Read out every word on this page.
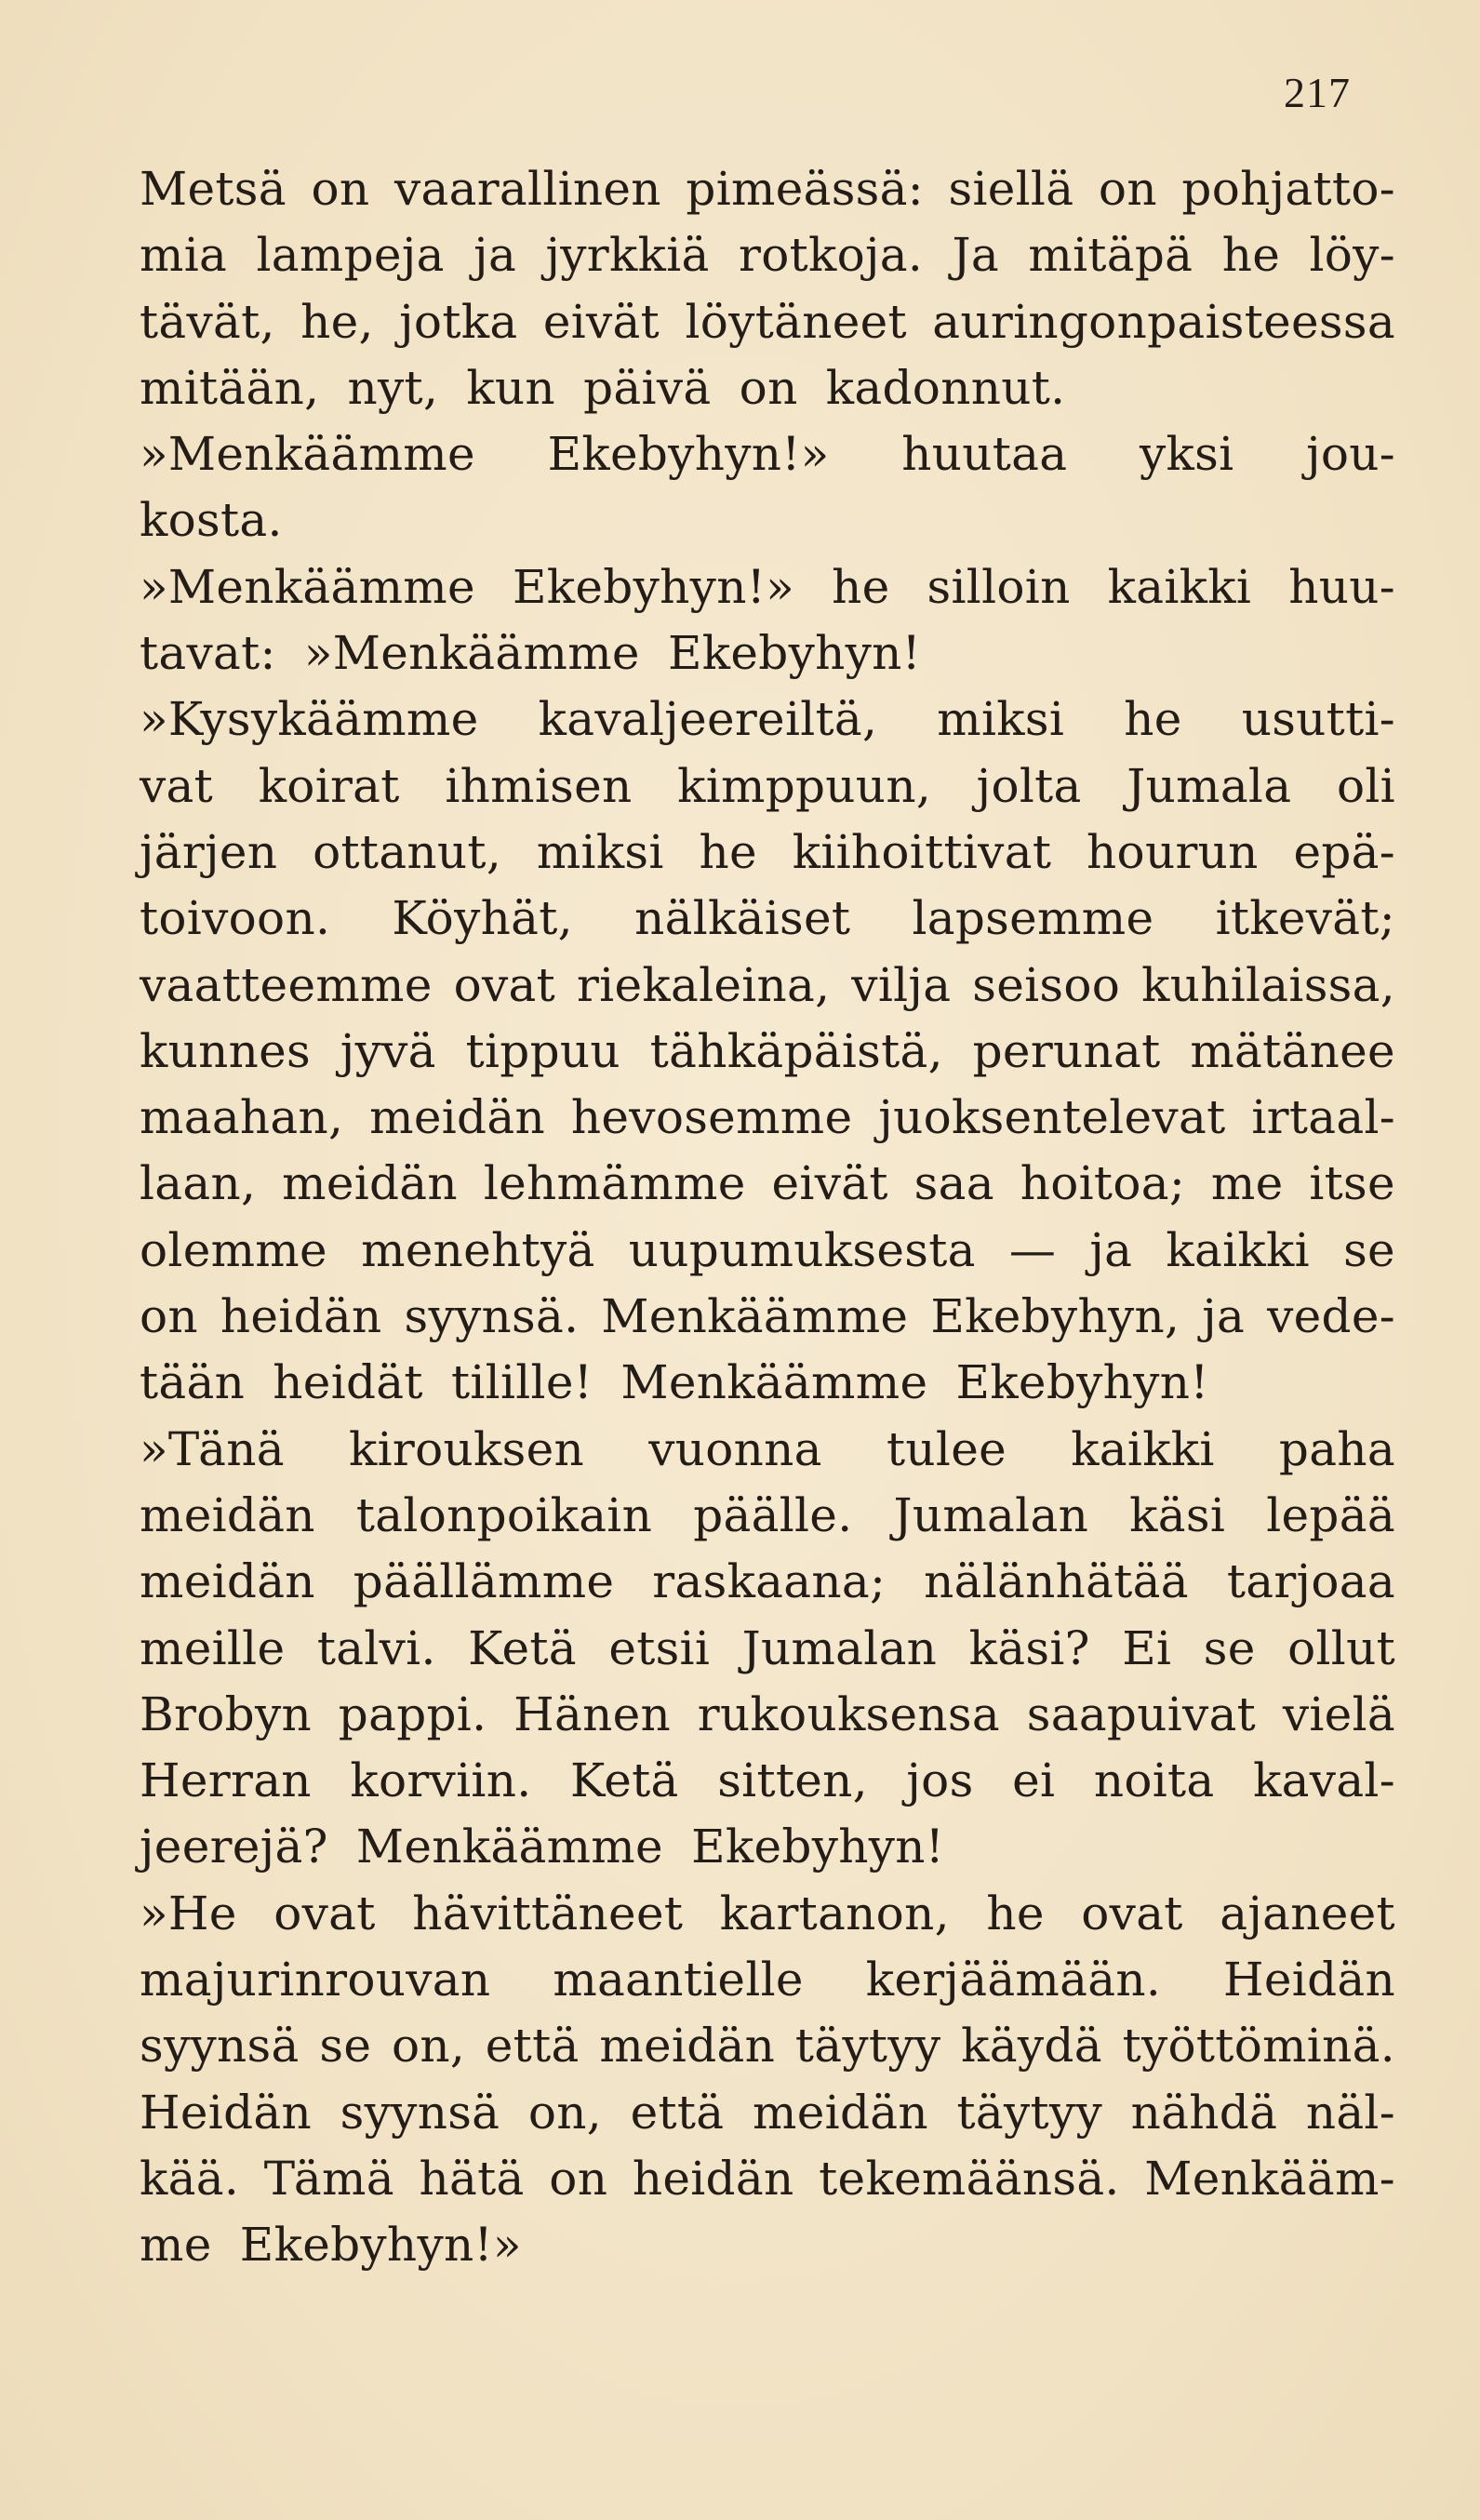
217
Metsä on vaarallinen pimeässä: siellä on pohjatto-
mia lampeja ja jyrkkiä rotkoja. Ja mitäpä he löy-
tävät, he, jotka eivät löytäneet auringonpaisteessa
mitään, nyt, kun päivä on kadonnut.
»Menkäämme Ekebyhyn!» huutaa yksi jou-
kosta.
»Menkäämme Ekebyhyn!» he silloin kaikki huu-
tavat: »Menkäämme Ekebyhyn!
»Kysykäämme kavaljeereiltä, miksi he usutti-
vat koirat ihmisen kimppuun, jolta Jumala oli
järjen ottanut, miksi he kiihoittivat hourun epä-
toivoon. Köyhät, nälkäiset lapsemme itkevät;
vaatteemme ovat riekaleina, vilja seisoo kuhilaissa,
kunnes jyvä tippuu tähkäpäistä, perunat mätänee
maahan, meidän hevosemme juoksentelevat irtaal-
laan, meidän lehmämme eivät saa hoitoa; me itse
olemme menehtyä uupumuksesta — ja kaikki se
on heidän syynsä. Menkäämme Ekebyhyn, ja vede-
tään heidät tilille! Menkäämme Ekebyhyn!
»Tänä kirouksen vuonna tulee kaikki paha
meidän talonpoikain päälle. Jumalan käsi lepää
meidän päällämme raskaana; nälänhätää tarjoaa
meille talvi. Ketä etsii Jumalan käsi? Ei se ollut
Brobyn pappi. Hänen rukouksensa saapuivat vielä
Herran korviin. Ketä sitten, jos ei noita kaval-
jeerejä? Menkäämme Ekebyhyn!
»He ovat hävittäneet kartanon, he ovat ajaneet
majurinrouvan maantielle kerjäämään. Heidän
syynsä se on, että meidän täytyy käydä työttöminä.
Heidän syynsä on, että meidän täytyy nähdä näl-
kää. Tämä hätä on heidän tekemäänsä. Menkääm-
me Ekebyhyn!»
